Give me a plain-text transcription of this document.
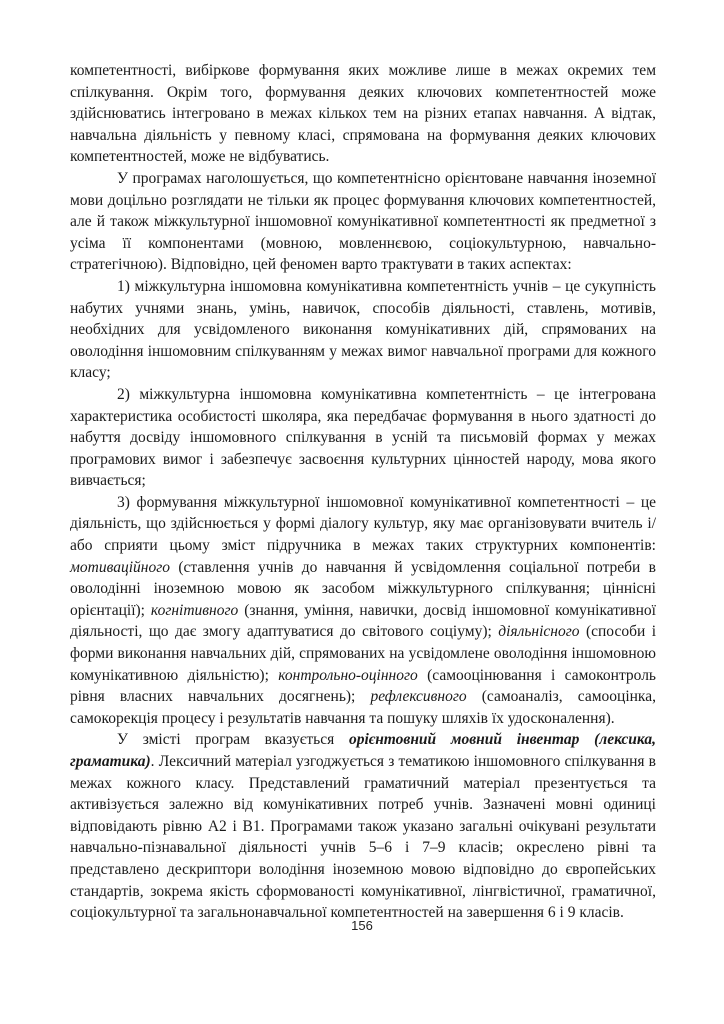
компетентності, вибіркове формування яких можливе лише в межах окремих тем спілкування. Окрім того, формування деяких ключових компетентностей може здійснюватись інтегровано в межах кількох тем на різних етапах навчання. А відтак, навчальна діяльність у певному класі, спрямована на формування деяких ключових компетентностей, може не відбуватись.

У програмах наголошується, що компетентнісно орієнтоване навчання іноземної мови доцільно розглядати не тільки як процес формування ключових компетентностей, але й також міжкультурної іншомовної комунікативної компетентності як предметної з усіма її компонентами (мовною, мовленнєвою, соціокультурною, навчально-стратегічною). Відповідно, цей феномен варто трактувати в таких аспектах:

1) міжкультурна іншомовна комунікативна компетентність учнів – це сукупність набутих учнями знань, умінь, навичок, способів діяльності, ставлень, мотивів, необхідних для усвідомленого виконання комунікативних дій, спрямованих на оволодіння іншомовним спілкуванням у межах вимог навчальної програми для кожного класу;

2) міжкультурна іншомовна комунікативна компетентність – це інтегрована характеристика особистості школяра, яка передбачає формування в нього здатності до набуття досвіду іншомовного спілкування в усній та письмовій формах у межах програмових вимог і забезпечує засвоєння культурних цінностей народу, мова якого вивчається;

3) формування міжкультурної іншомовної комунікативної компетентності – це діяльність, що здійснюється у формі діалогу культур, яку має організовувати вчитель і/або сприяти цьому зміст підручника в межах таких структурних компонентів: мотиваційного (ставлення учнів до навчання й усвідомлення соціальної потреби в оволодінні іноземною мовою як засобом міжкультурного спілкування; ціннісні орієнтації); когнітивного (знання, уміння, навички, досвід іншомовної комунікативної діяльності, що дає змогу адаптуватися до світового соціуму); діяльнісного (способи і форми виконання навчальних дій, спрямованих на усвідомлене оволодіння іншомовною комунікативною діяльністю); контрольно-оцінного (самооцінювання і самоконтроль рівня власних навчальних досягнень); рефлексивного (самоаналіз, самооцінка, самокорекція процесу і результатів навчання та пошуку шляхів їх удосконалення).

У змісті програм вказується орієнтовний мовний інвентар (лексика, граматика). Лексичний матеріал узгоджується з тематикою іншомовного спілкування в межах кожного класу. Представлений граматичний матеріал презентується та активізується залежно від комунікативних потреб учнів. Зазначені мовні одиниці відповідають рівню А2 і В1. Програмами також указано загальні очікувані результати навчально-пізнавальної діяльності учнів 5–6 і 7–9 класів; окреслено рівні та представлено дескриптори володіння іноземною мовою відповідно до європейських стандартів, зокрема якість сформованості комунікативної, лінгвістичної, граматичної, соціокультурної та загальнонавчальної компетентностей на завершення 6 і 9 класів.

156
